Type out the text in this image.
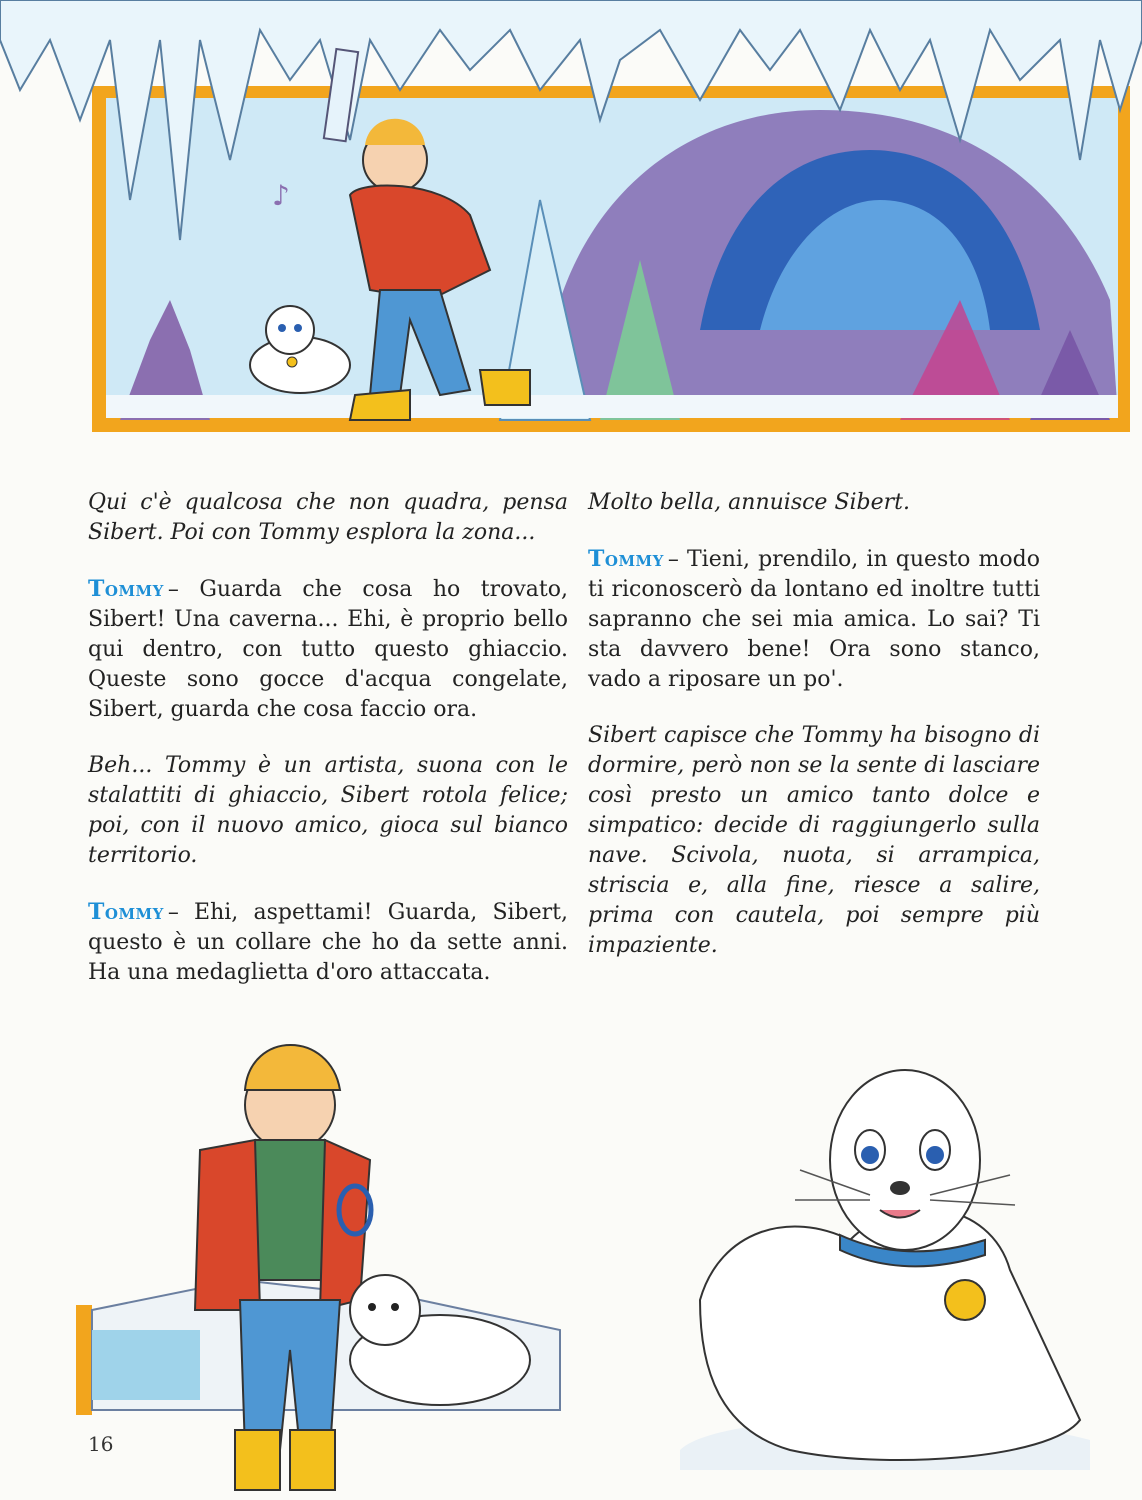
♪

Qui c'è qualcosa che non quadra, pensa Sibert. Poi con Tommy esplora la zona...

Tommy – Guarda che cosa ho trovato, Sibert! Una caverna... Ehi, è proprio bello qui dentro, con tutto questo ghiaccio. Queste sono gocce d'acqua congelate, Sibert, guarda che cosa faccio ora.

Beh... Tommy è un artista, suona con le stalattiti di ghiaccio, Sibert rotola felice; poi, con il nuovo amico, gioca sul bianco territorio.

Tommy – Ehi, aspettami! Guarda, Sibert, questo è un collare che ho da sette anni. Ha una medaglietta d'oro attaccata.

Molto bella, annuisce Sibert.

Tommy – Tieni, prendilo, in questo modo ti riconoscerò da lontano ed inoltre tutti sapranno che sei mia amica. Lo sai? Ti sta davvero bene! Ora sono stanco, vado a riposare un po'.

Sibert capisce che Tommy ha bisogno di dormire, però non se la sente di lasciare così presto un amico tanto dolce e simpatico: decide di raggiungerlo sulla nave. Scivola, nuota, si arrampica, striscia e, alla fine, riesce a salire, prima con cautela, poi sempre più impaziente.

16
